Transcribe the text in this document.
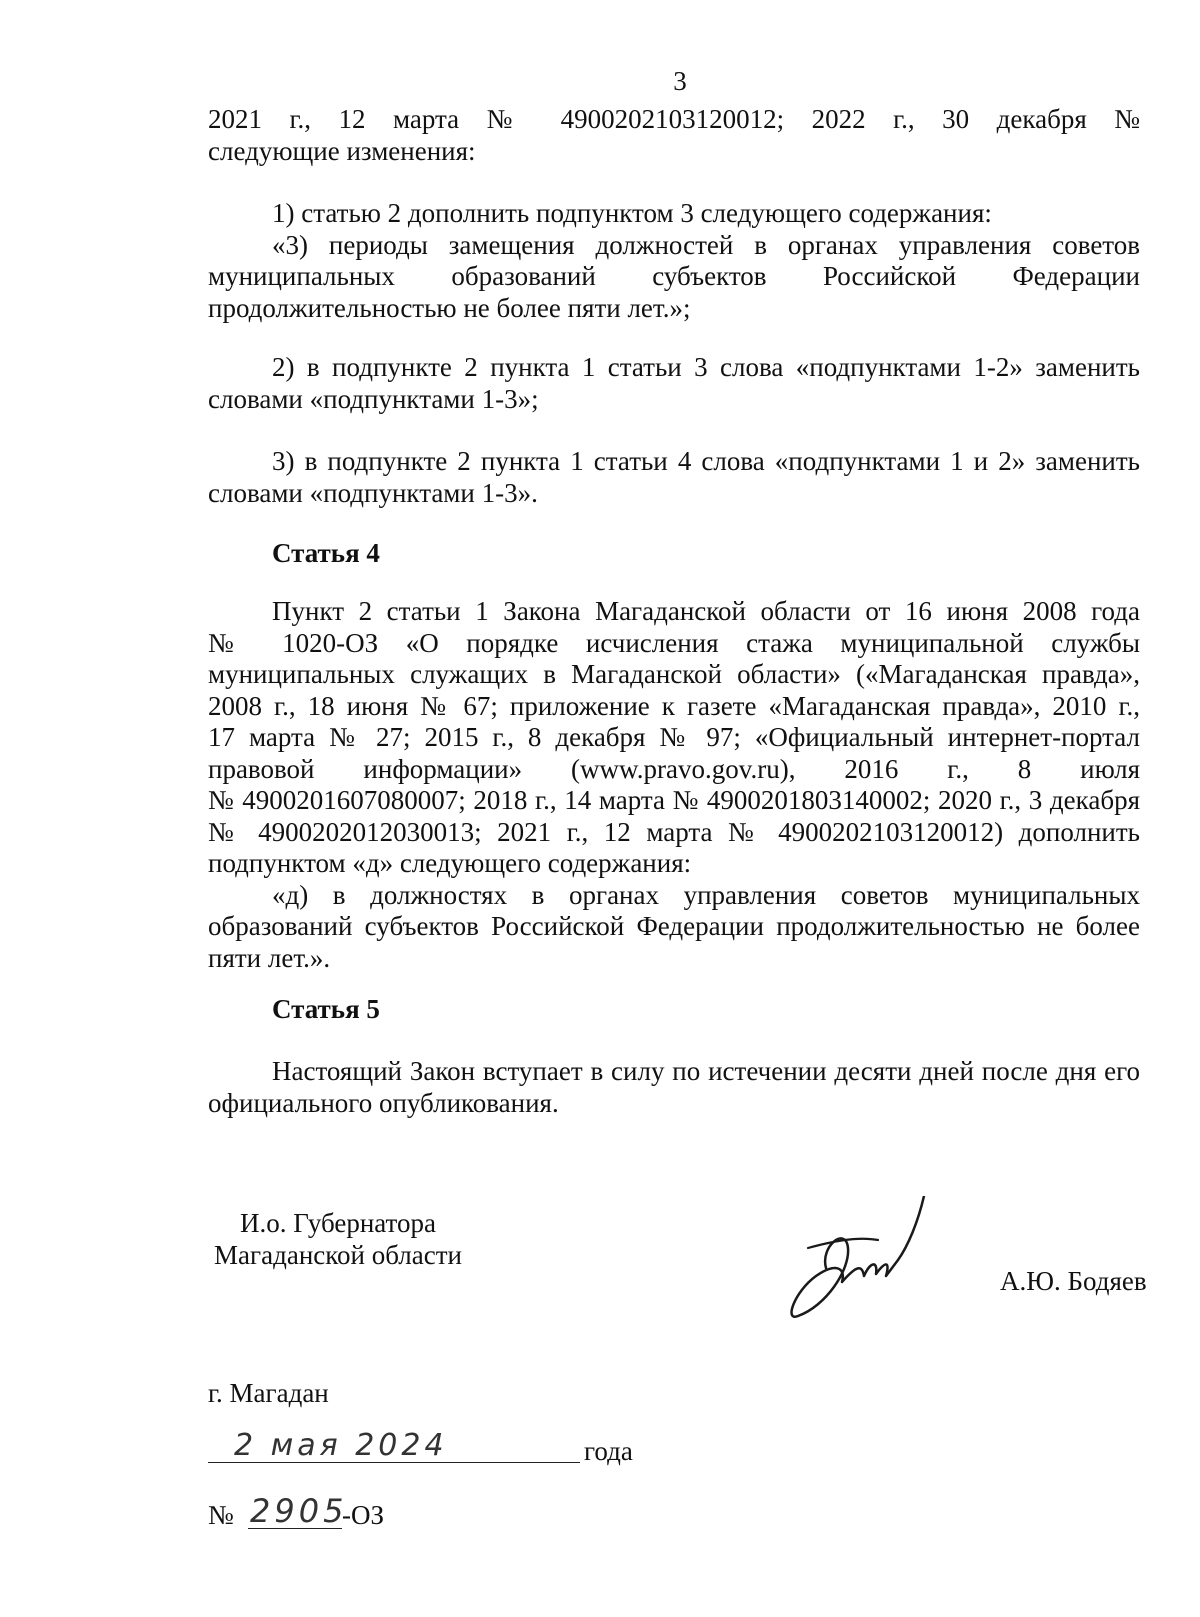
3
2021 г., 12 марта № 4900202103120012; 2022 г., 30 декабря №
следующие изменения:
1) статью 2 дополнить подпунктом 3 следующего содержания:
«3) периоды замещения должностей в органах управления советов
муниципальных образований субъектов Российской Федерации
продолжительностью не более пяти лет.»;
2) в подпункте 2 пункта 1 статьи 3 слова «подпунктами 1-2» заменить
словами «подпунктами 1-3»;
3) в подпункте 2 пункта 1 статьи 4 слова «подпунктами 1 и 2» заменить
словами «подпунктами 1-3».
Статья 4
Пункт 2 статьи 1 Закона Магаданской области от 16 июня 2008 года
№ 1020-ОЗ «О порядке исчисления стажа муниципальной службы
муниципальных служащих в Магаданской области» («Магаданская правда»,
2008 г., 18 июня № 67; приложение к газете «Магаданская правда», 2010 г.,
17 марта № 27; 2015 г., 8 декабря № 97; «Официальный интернет-портал
правовой информации» (www.pravo.gov.ru), 2016 г., 8 июля
№ 4900201607080007; 2018 г., 14 марта № 4900201803140002; 2020 г., 3 декабря
№ 4900202012030013; 2021 г., 12 марта № 4900202103120012) дополнить
подпунктом «д» следующего содержания:
«д) в должностях в органах управления советов муниципальных
образований субъектов Российской Федерации продолжительностью не более
пяти лет.».
Статья 5
Настоящий Закон вступает в силу по истечении десяти дней после дня его
официального опубликования.
И.о. Губернатора
Магаданской области
А.Ю. Бодяев
г. Магадан
2 мая 2024	года
№ 2905
-ОЗ
